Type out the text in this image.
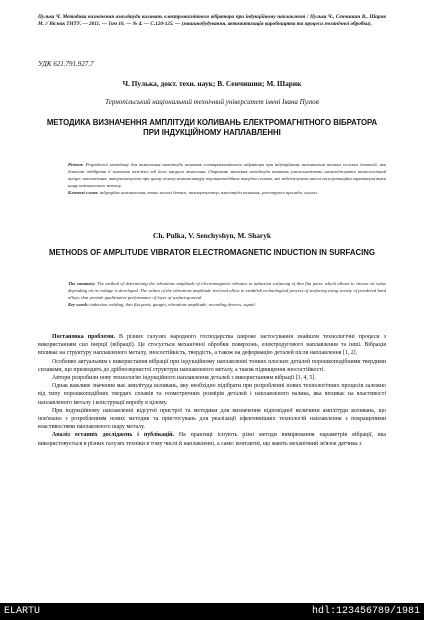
Пулька Ч. Методика визначення амплітуди коливань електромагнітного вібратора при індукційному наплавленні / Пулька Ч., Сенчишин В., Шарик М. // Вісник ТНТУ. — 2011. — Том 16. — № 4. — С.120-125. — (машинобудування, автоматизація виробництва та процеси механічної обробки).
УДК 621.791.927.7
Ч. Пулька, докт. техн. наук; В. Сенчишин; М. Шарик
Тернопільський національний технічний університет імені Івана Пулюя
МЕТОДИКА ВИЗНАЧЕННЯ АМПЛІТУДИ КОЛИВАНЬ ЕЛЕКТРОМАГНІТНОГО ВІБРАТОРА ПРИ ІНДУКЦІЙНОМУ НАПЛАВЛЕННІ
Резюме. Розроблено методику для визначення амплітуди коливань електромагнітного вібратора при індукційному наплавленні тонких плоских деталей, яка дозволяє підібрати її значення залежно від його напруги живлення. Отримані значення амплітуди коливань уможливлюють налагоджувати технологічний процес наплавлення, використовуючи при цьому велику номенклатуру порошкоподібних твердих сплавів, які забезпечують якісні експлуатаційні характеристики шару наплавленого металу.
Ключові слова: індукційне наплавлення, тонкі плоскі деталі, тензорезистор, амплітуда коливань, реєструючі прилади, сигнал.
Ch. Pulka, V. Senchyshyn, M. Sharyk
METHODS OF AMPLITUDE VIBRATOR ELECTROMAGNETIC INDUCTION IN SURFACING
The summary. The method of determining the vibrations amplitude of electromagnetic vibrator at induction surfacing of thin flat parts, which allows to choose its value depending on its voltage is developed. The values of the vibrations amplitude received allow to establish technological process of surfacing using variety of powdered hard alloys, that provide qualititative performance of layer of surfacing metal
Key words: induction welding, thin flat parts, gauges, vibrations amplitude, recording devices, signal.

Постановка проблеми. В різних галузях народного господарства широке застосування знайшли технологічні процеси з використанням сил інерції (вібрації). Це стосується механічної обробки поверхонь, електродугового наплавлення та інші. Вібрація впливає на структуру наплавленого металу, зносостійкість, твердість, а також на деформацію деталей після наплавлення [1, 2].

Особливо актуальним є використання вібрації при індукційному наплавленні тонких плоских деталей порошкоподібними твердими сплавами, що призводить до дрібнозернистої структури наплавленого металу, а також підвищення зносостійкості.

Автори розробили нову технологію індукційного наплавлення деталей з використанням вібрації [3, 4, 5].

Однак важливе значення має амплітуда коливань, яку необхідно підібрати при розробленні нових технологічних процесів залежно від типу порошкоподібних твердих сплавів та геометричних розмірів деталей і наплавленого валика, яка впливає на властивості наплавленого металу і конструкції виробу в цілому.

При індукційному наплавленні відсутні пристрої та методики для визначення відповідної величини амплітуди коливань, що пов'язано з розробленням нових методик та пристосувань для реалізації ефективніших технологій наплавлення з покращеними властивостями наплавленого шару металу.

Аналіз останніх досліджень і публікацій. На практиці існують різні методи вимірювання параметрів вібрації, яка використовується в різних галузях техніки в тому числі й наплавленні, а саме: контактні, що мають механічний зв'язок датчика з

ELARTU	hdl:123456789/1981
